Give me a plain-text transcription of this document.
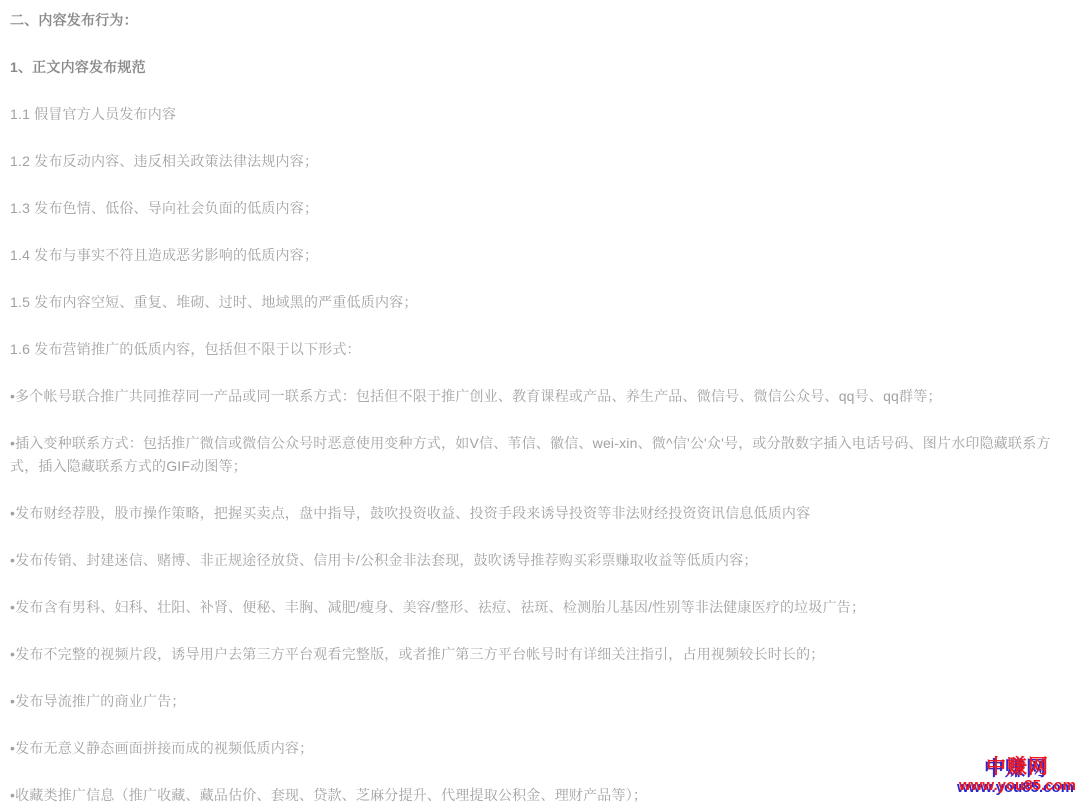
二、内容发布行为：

1、正文内容发布规范

1.1 假冒官方人员发布内容

1.2 发布反动内容、违反相关政策法律法规内容；

1.3 发布色情、低俗、导向社会负面的低质内容；

1.4 发布与事实不符且造成恶劣影响的低质内容；

1.5 发布内容空短、重复、堆砌、过时、地域黑的严重低质内容；

1.6 发布营销推广的低质内容，包括但不限于以下形式：

•多个帐号联合推广共同推荐同一产品或同一联系方式：包括但不限于推广创业、教育课程或产品、养生产品、微信号、微信公众号、qq号、qq群等；

•插入变种联系方式：包括推广微信或微信公众号时恶意使用变种方式，如V信、苇信、徽信、wei-xin、微^信'公'众'号，或分散数字插入电话号码、图片水印隐藏联系方式，插入隐藏联系方式的GIF动图等；

•发布财经荐股，股市操作策略，把握买卖点，盘中指导，鼓吹投资收益、投资手段来诱导投资等非法财经投资资讯信息低质内容

•发布传销、封建迷信、赌博、非正规途径放贷、信用卡/公积金非法套现，鼓吹诱导推荐购买彩票赚取收益等低质内容；

•发布含有男科、妇科、壮阳、补肾、便秘、丰胸、减肥/瘦身、美容/整形、祛痘、祛斑、检测胎儿基因/性别等非法健康医疗的垃圾广告；

•发布不完整的视频片段，诱导用户去第三方平台观看完整版，或者推广第三方平台帐号时有详细关注指引，占用视频较长时长的；

•发布导流推广的商业广告；

•发布无意义静态画面拼接而成的视频低质内容；

•收藏类推广信息（推广收藏、藏品估价、套现、贷款、芝麻分提升、代理提取公积金、理财产品等）；

中赚网
www.you85.com
